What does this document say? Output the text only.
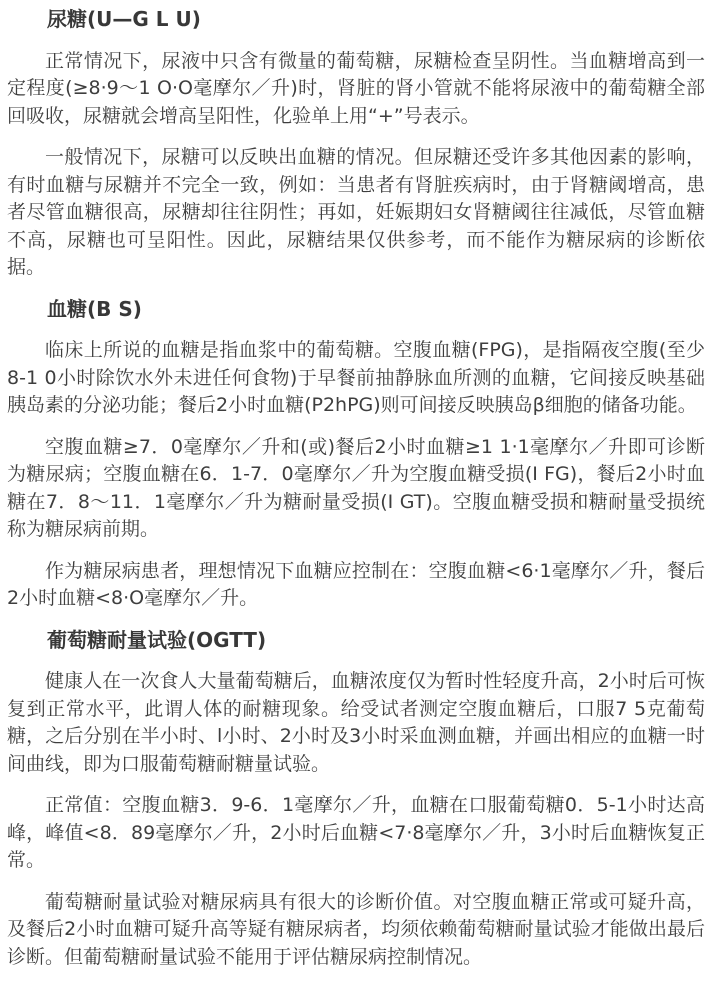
尿糖(U—G L U)

正常情况下，尿液中只含有微量的葡萄糖，尿糖检查呈阴性。当血糖增高到一定程度(≥8·9～1 O·O毫摩尔／升)时，肾脏的肾小管就不能将尿液中的葡萄糖全部回吸收，尿糖就会增高呈阳性，化验单上用“+”号表示。

一般情况下，尿糖可以反映出血糖的情况。但尿糖还受许多其他因素的影响，有时血糖与尿糖并不完全一致，例如：当患者有肾脏疾病时，由于肾糖阈增高，患者尽管血糖很高，尿糖却往往阴性；再如，妊娠期妇女肾糖阈往往减低，尽管血糖不高，尿糖也可呈阳性。因此，尿糖结果仅供参考，而不能作为糖尿病的诊断依据。

血糖(B S)

临床上所说的血糖是指血浆中的葡萄糖。空腹血糖(FPG)，是指隔夜空腹(至少8-1 0小时除饮水外未进任何食物)于早餐前抽静脉血所测的血糖，它间接反映基础胰岛素的分泌功能；餐后2小时血糖(P2hPG)则可间接反映胰岛β细胞的储备功能。

空腹血糖≥7．0毫摩尔／升和(或)餐后2小时血糖≥1 1·1毫摩尔／升即可诊断为糖尿病；空腹血糖在6．1-7．0毫摩尔／升为空腹血糖受损(I FG)，餐后2小时血糖在7．8～11．1毫摩尔／升为糖耐量受损(I GT)。空腹血糖受损和糖耐量受损统称为糖尿病前期。

作为糖尿病患者，理想情况下血糖应控制在：空腹血糖<6·1毫摩尔／升，餐后2小时血糖<8·O毫摩尔／升。

葡萄糖耐量试验(OGTT)

健康人在一次食人大量葡萄糖后，血糖浓度仅为暂时性轻度升高，2小时后可恢复到正常水平，此谓人体的耐糖现象。给受试者测定空腹血糖后，口服7 5克葡萄糖，之后分别在半小时、l小时、2小时及3小时采血测血糖，并画出相应的血糖一时间曲线，即为口服葡萄糖耐糖量试验。

正常值：空腹血糖3．9-6．1毫摩尔／升，血糖在口服葡萄糖0．5-1小时达高峰，峰值<8．89毫摩尔／升，2小时后血糖<7·8毫摩尔／升，3小时后血糖恢复正常。

葡萄糖耐量试验对糖尿病具有很大的诊断价值。对空腹血糖正常或可疑升高，及餐后2小时血糖可疑升高等疑有糖尿病者，均须依赖葡萄糖耐量试验才能做出最后诊断。但葡萄糖耐量试验不能用于评估糖尿病控制情况。
